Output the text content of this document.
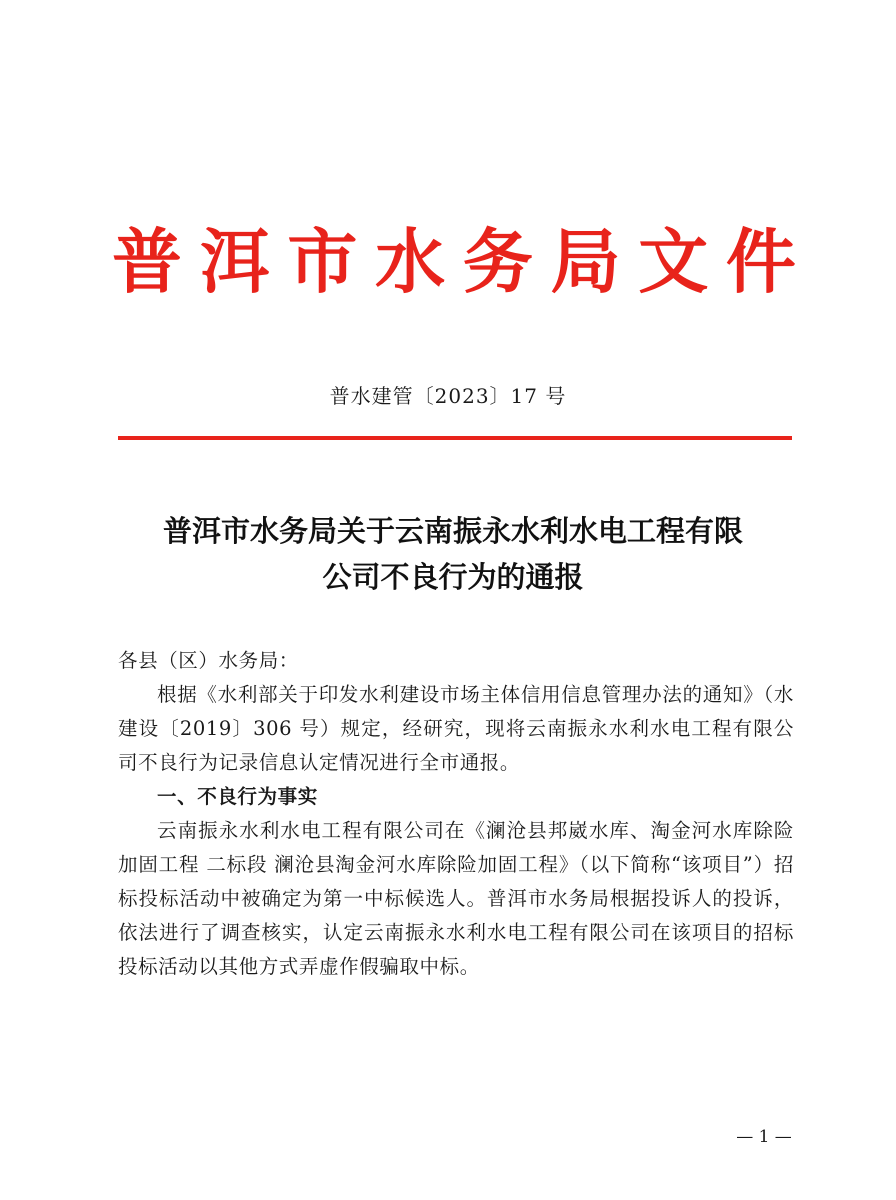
普 洱 市 水 务 局 文 件
普水建管〔2023〕17 号
普洱市水务局关于云南振永水利水电工程有限
公司不良行为的通报

各县（区）水务局：

根据《水利部关于印发水利建设市场主体信用信息管理办法的通知》（水建设〔2019〕306 号）规定，经研究，现将云南振永水利水电工程有限公司不良行为记录信息认定情况进行全市通报。

一、不良行为事实

云南振永水利水电工程有限公司在《澜沧县邦崴水库、淘金河水库除险加固工程 二标段 澜沧县淘金河水库除险加固工程》（以下简称“该项目”）招标投标活动中被确定为第一中标候选人。普洱市水务局根据投诉人的投诉，依法进行了调查核实，认定云南振永水利水电工程有限公司在该项目的招标投标活动以其他方式弄虚作假骗取中标。

— 1 —
